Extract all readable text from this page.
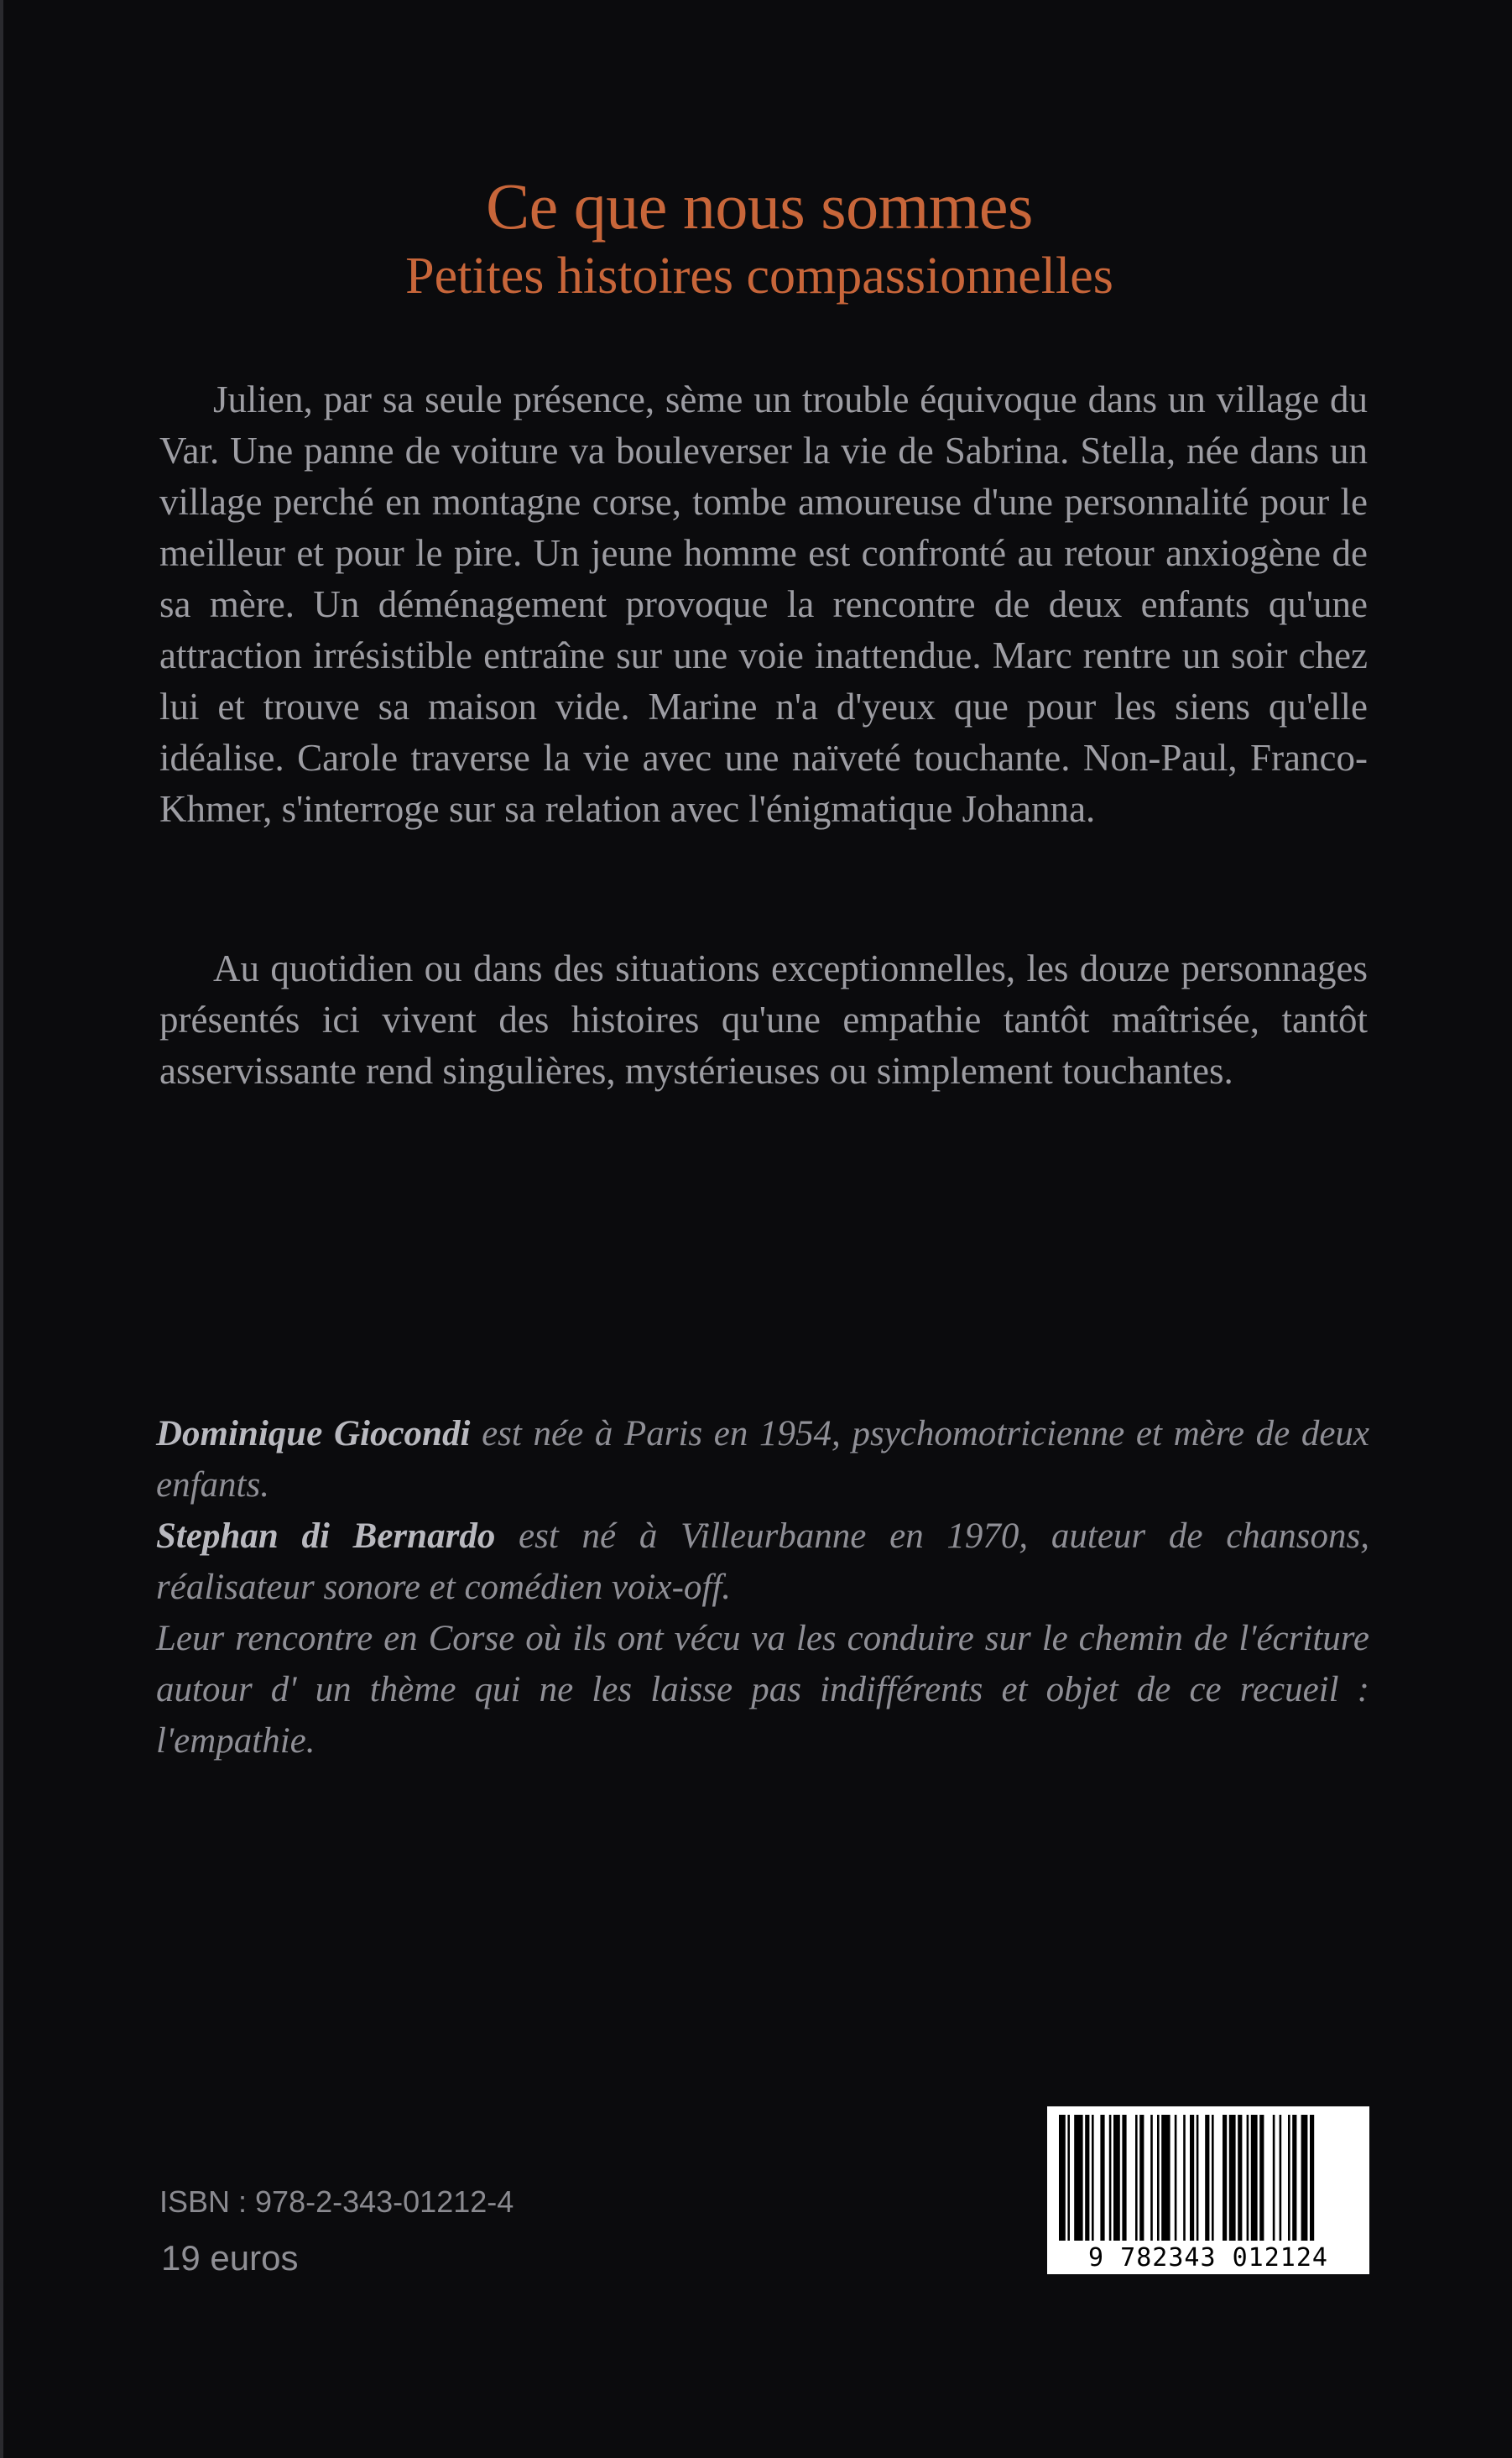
Ce que nous sommes
Petites histoires compassionnelles

Julien, par sa seule présence, sème un trouble équivoque dans un village du Var. Une panne de voiture va bouleverser la vie de Sabrina. Stella, née dans un village perché en montagne corse, tombe amoureuse d'une personnalité pour le meilleur et pour le pire. Un jeune homme est confronté au retour anxiogène de sa mère. Un déménagement provoque la rencontre de deux enfants qu'une attraction irrésistible entraîne sur une voie inattendue. Marc rentre un soir chez lui et trouve sa maison vide. Marine n'a d'yeux que pour les siens qu'elle idéalise. Carole traverse la vie avec une naïveté touchante. Non-Paul, Franco-Khmer, s'interroge sur sa relation avec l'énigmatique Johanna.

Au quotidien ou dans des situations exceptionnelles, les douze personnages présentés ici vivent des histoires qu'une empathie tantôt maîtrisée, tantôt asservissante rend singulières, mystérieuses ou simplement touchantes.

Dominique Giocondi est née à Paris en 1954, psychomotricienne et mère de deux enfants.

Stephan di Bernardo est né à Villeurbanne en 1970, auteur de chansons, réalisateur sonore et comédien voix-off.

Leur rencontre en Corse où ils ont vécu va les conduire sur le chemin de l'écriture autour d' un thème qui ne les laisse pas indifférents et objet de ce recueil : l'empathie.

ISBN : 978-2-343-01212-4
19 euros	9 782343 012124
